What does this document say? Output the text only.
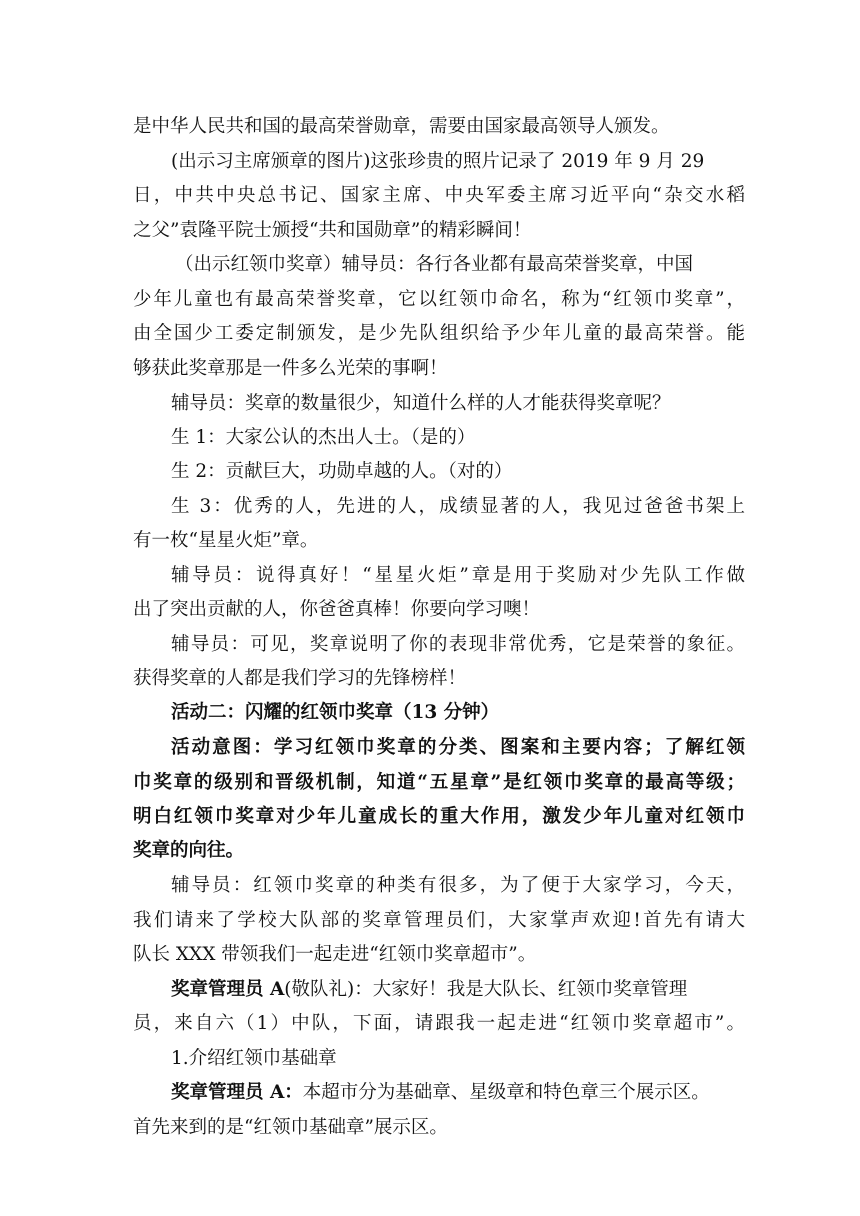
是中华人民共和国的最高荣誉勋章，需要由国家最高领导人颁发。
(出示习主席颁章的图片)这张珍贵的照片记录了 2019 年 9 月 29
日，中共中央总书记、国家主席、中央军委主席习近平向“杂交水稻
之父”袁隆平院士颁授“共和国勋章”的精彩瞬间！
（出示红领巾奖章）辅导员：各行各业都有最高荣誉奖章，中国
少年儿童也有最高荣誉奖章，它以红领巾命名，称为“红领巾奖章”，
由全国少工委定制颁发，是少先队组织给予少年儿童的最高荣誉。能
够获此奖章那是一件多么光荣的事啊！
辅导员：奖章的数量很少，知道什么样的人才能获得奖章呢？
生 1：大家公认的杰出人士。（是的）
生 2：贡献巨大，功勋卓越的人。（对的）
生 3：优秀的人，先进的人，成绩显著的人，我见过爸爸书架上
有一枚“星星火炬”章。
辅导员：说得真好！“星星火炬”章是用于奖励对少先队工作做
出了突出贡献的人，你爸爸真棒！你要向学习噢！
辅导员：可见，奖章说明了你的表现非常优秀，它是荣誉的象征。
获得奖章的人都是我们学习的先锋榜样！
活动二：闪耀的红领巾奖章（13 分钟）
活动意图：学习红领巾奖章的分类、图案和主要内容；了解红领
巾奖章的级别和晋级机制，知道“五星章”是红领巾奖章的最高等级；
明白红领巾奖章对少年儿童成长的重大作用，激发少年儿童对红领巾
奖章的向往。
辅导员：红领巾奖章的种类有很多，为了便于大家学习，今天，
我们请来了学校大队部的奖章管理员们，大家掌声欢迎!首先有请大
队长 XXX 带领我们一起走进“红领巾奖章超市”。
奖章管理员 A(敬队礼)：大家好！我是大队长、红领巾奖章管理
员，来自六（1）中队，下面，请跟我一起走进“红领巾奖章超市”。
1.介绍红领巾基础章
奖章管理员 A：本超市分为基础章、星级章和特色章三个展示区。
首先来到的是“红领巾基础章”展示区。
